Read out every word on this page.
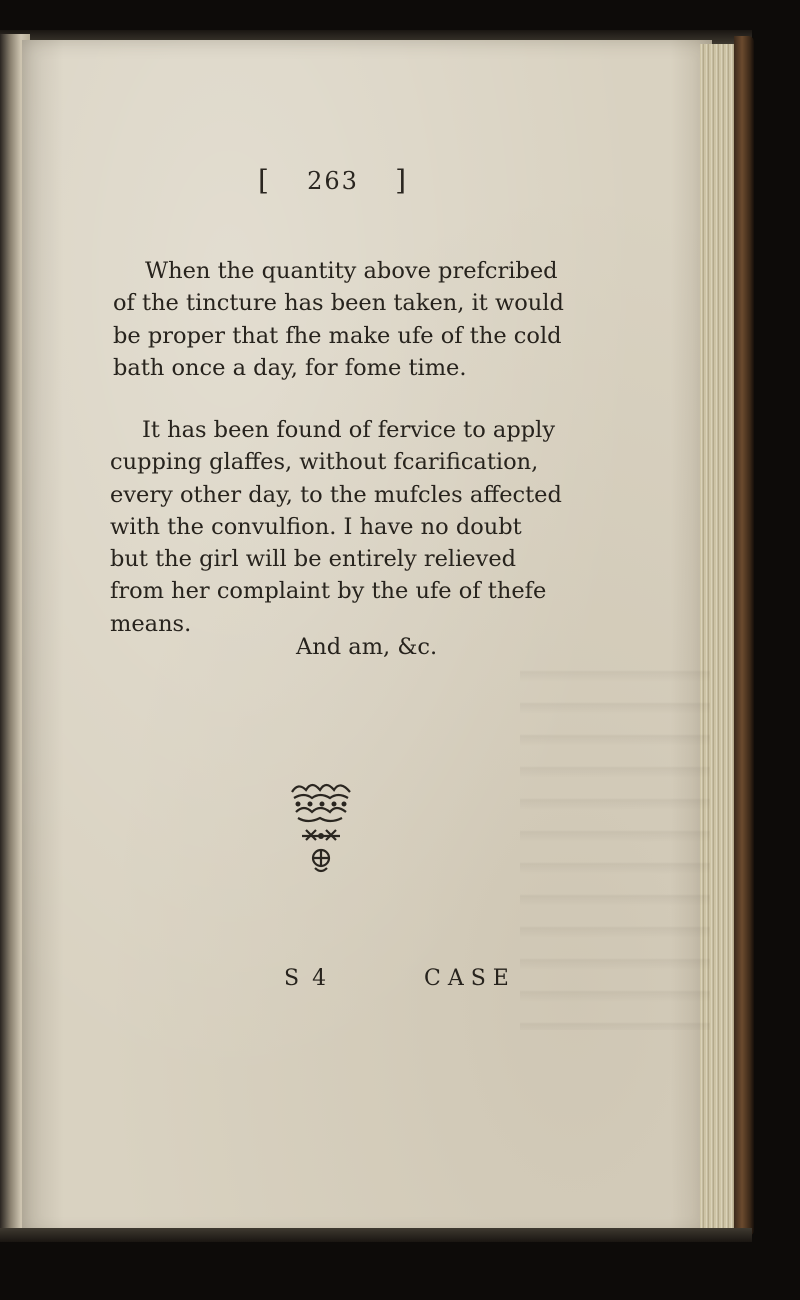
[ 263 ]
When the quantity above prefcribed
of the tincture has been taken, it would
be proper that fhe make ufe of the cold
bath once a day, for fome time.
It has been found of fervice to apply
cupping glaffes, without fcarification,
every other day, to the mufcles affected
with the convulfion. I have no doubt
but the girl will be entirely relieved
from her complaint by the ufe of thefe
means.
And am, &c.
S 4	CASE
